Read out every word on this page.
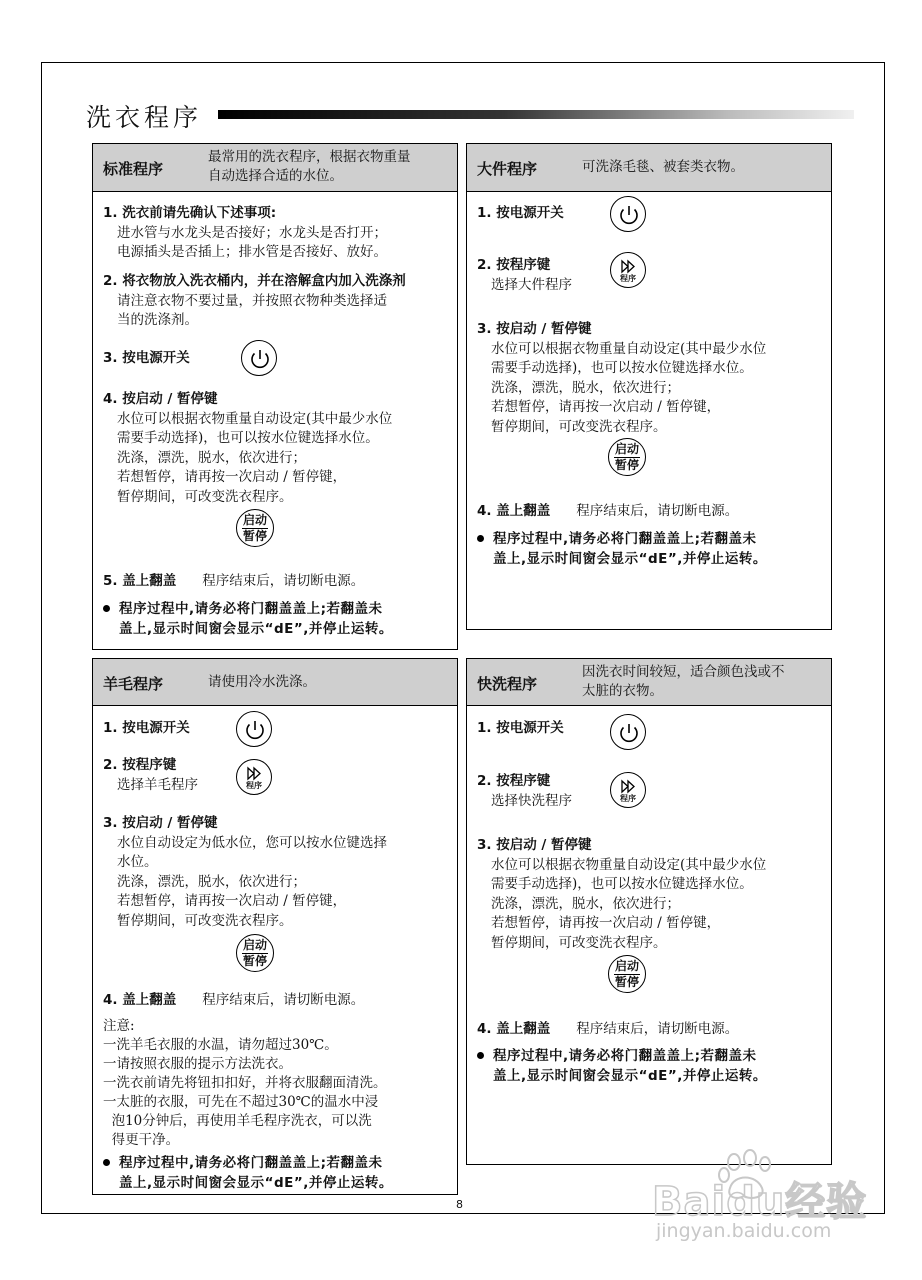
洗衣程序
标准程序
最常用的洗衣程序，根据衣物重量
自动选择合适的水位。
1. 洗衣前请先确认下述事项:
进水管与水龙头是否接好；水龙头是否打开；
电源插头是否插上；排水管是否接好、放好。
2. 将衣物放入洗衣桶内，并在溶解盒内加入洗涤剂
请注意衣物不要过量，并按照衣物种类选择适
当的洗涤剂。
3. 按电源开关
4. 按启动 / 暂停键
水位可以根据衣物重量自动设定(其中最少水位
需要手动选择)，也可以按水位键选择水位。
洗涤，漂洗，脱水，依次进行；
若想暂停，请再按一次启动 / 暂停键，
暂停期间，可改变洗衣程序。
启动
暂停
5. 盖上翻盖 程序结束后，请切断电源。
程序过程中,请务必将门翻盖盖上;若翻盖未
盖上,显示时间窗会显示“dE”,并停止运转。
大件程序	可洗涤毛毯、被套类衣物。
1. 按电源开关
2. 按程序键
选择大件程序	程序
3. 按启动 / 暂停键
水位可以根据衣物重量自动设定(其中最少水位
需要手动选择)，也可以按水位键选择水位。
洗涤，漂洗，脱水，依次进行；
若想暂停，请再按一次启动 / 暂停键，
暂停期间，可改变洗衣程序。
启动
暂停
4. 盖上翻盖 程序结束后，请切断电源。
程序过程中,请务必将门翻盖盖上;若翻盖未
盖上,显示时间窗会显示“dE”,并停止运转。
羊毛程序	请使用冷水洗涤。
1. 按电源开关
2. 按程序键
选择羊毛程序	程序
3. 按启动 / 暂停键
水位自动设定为低水位，您可以按水位键选择
水位。
洗涤，漂洗，脱水，依次进行；
若想暂停，请再按一次启动 / 暂停键，
暂停期间，可改变洗衣程序。
启动
暂停
4. 盖上翻盖 程序结束后，请切断电源。
注意:
一洗羊毛衣服的水温，请勿超过30℃。
一请按照衣服的提示方法洗衣。
一洗衣前请先将钮扣扣好，并将衣服翻面清洗。
一太脏的衣服，可先在不超过30℃的温水中浸
泡10分钟后，再使用羊毛程序洗衣，可以洗
得更干净。
程序过程中,请务必将门翻盖盖上;若翻盖未
盖上,显示时间窗会显示“dE”,并停止运转。
快洗程序
因洗衣时间较短，适合颜色浅或不
太脏的衣物。
1. 按电源开关
2. 按程序键
选择快洗程序	程序
3. 按启动 / 暂停键
水位可以根据衣物重量自动设定(其中最少水位
需要手动选择)，也可以按水位键选择水位。
洗涤，漂洗，脱水，依次进行；
若想暂停，请再按一次启动 / 暂停键，
暂停期间，可改变洗衣程序。
启动
暂停
4. 盖上翻盖 程序结束后，请切断电源。
程序过程中,请务必将门翻盖盖上;若翻盖未
盖上,显示时间窗会显示“dE”,并停止运转。
8	Baidu经验
jingyan.baidu.com
